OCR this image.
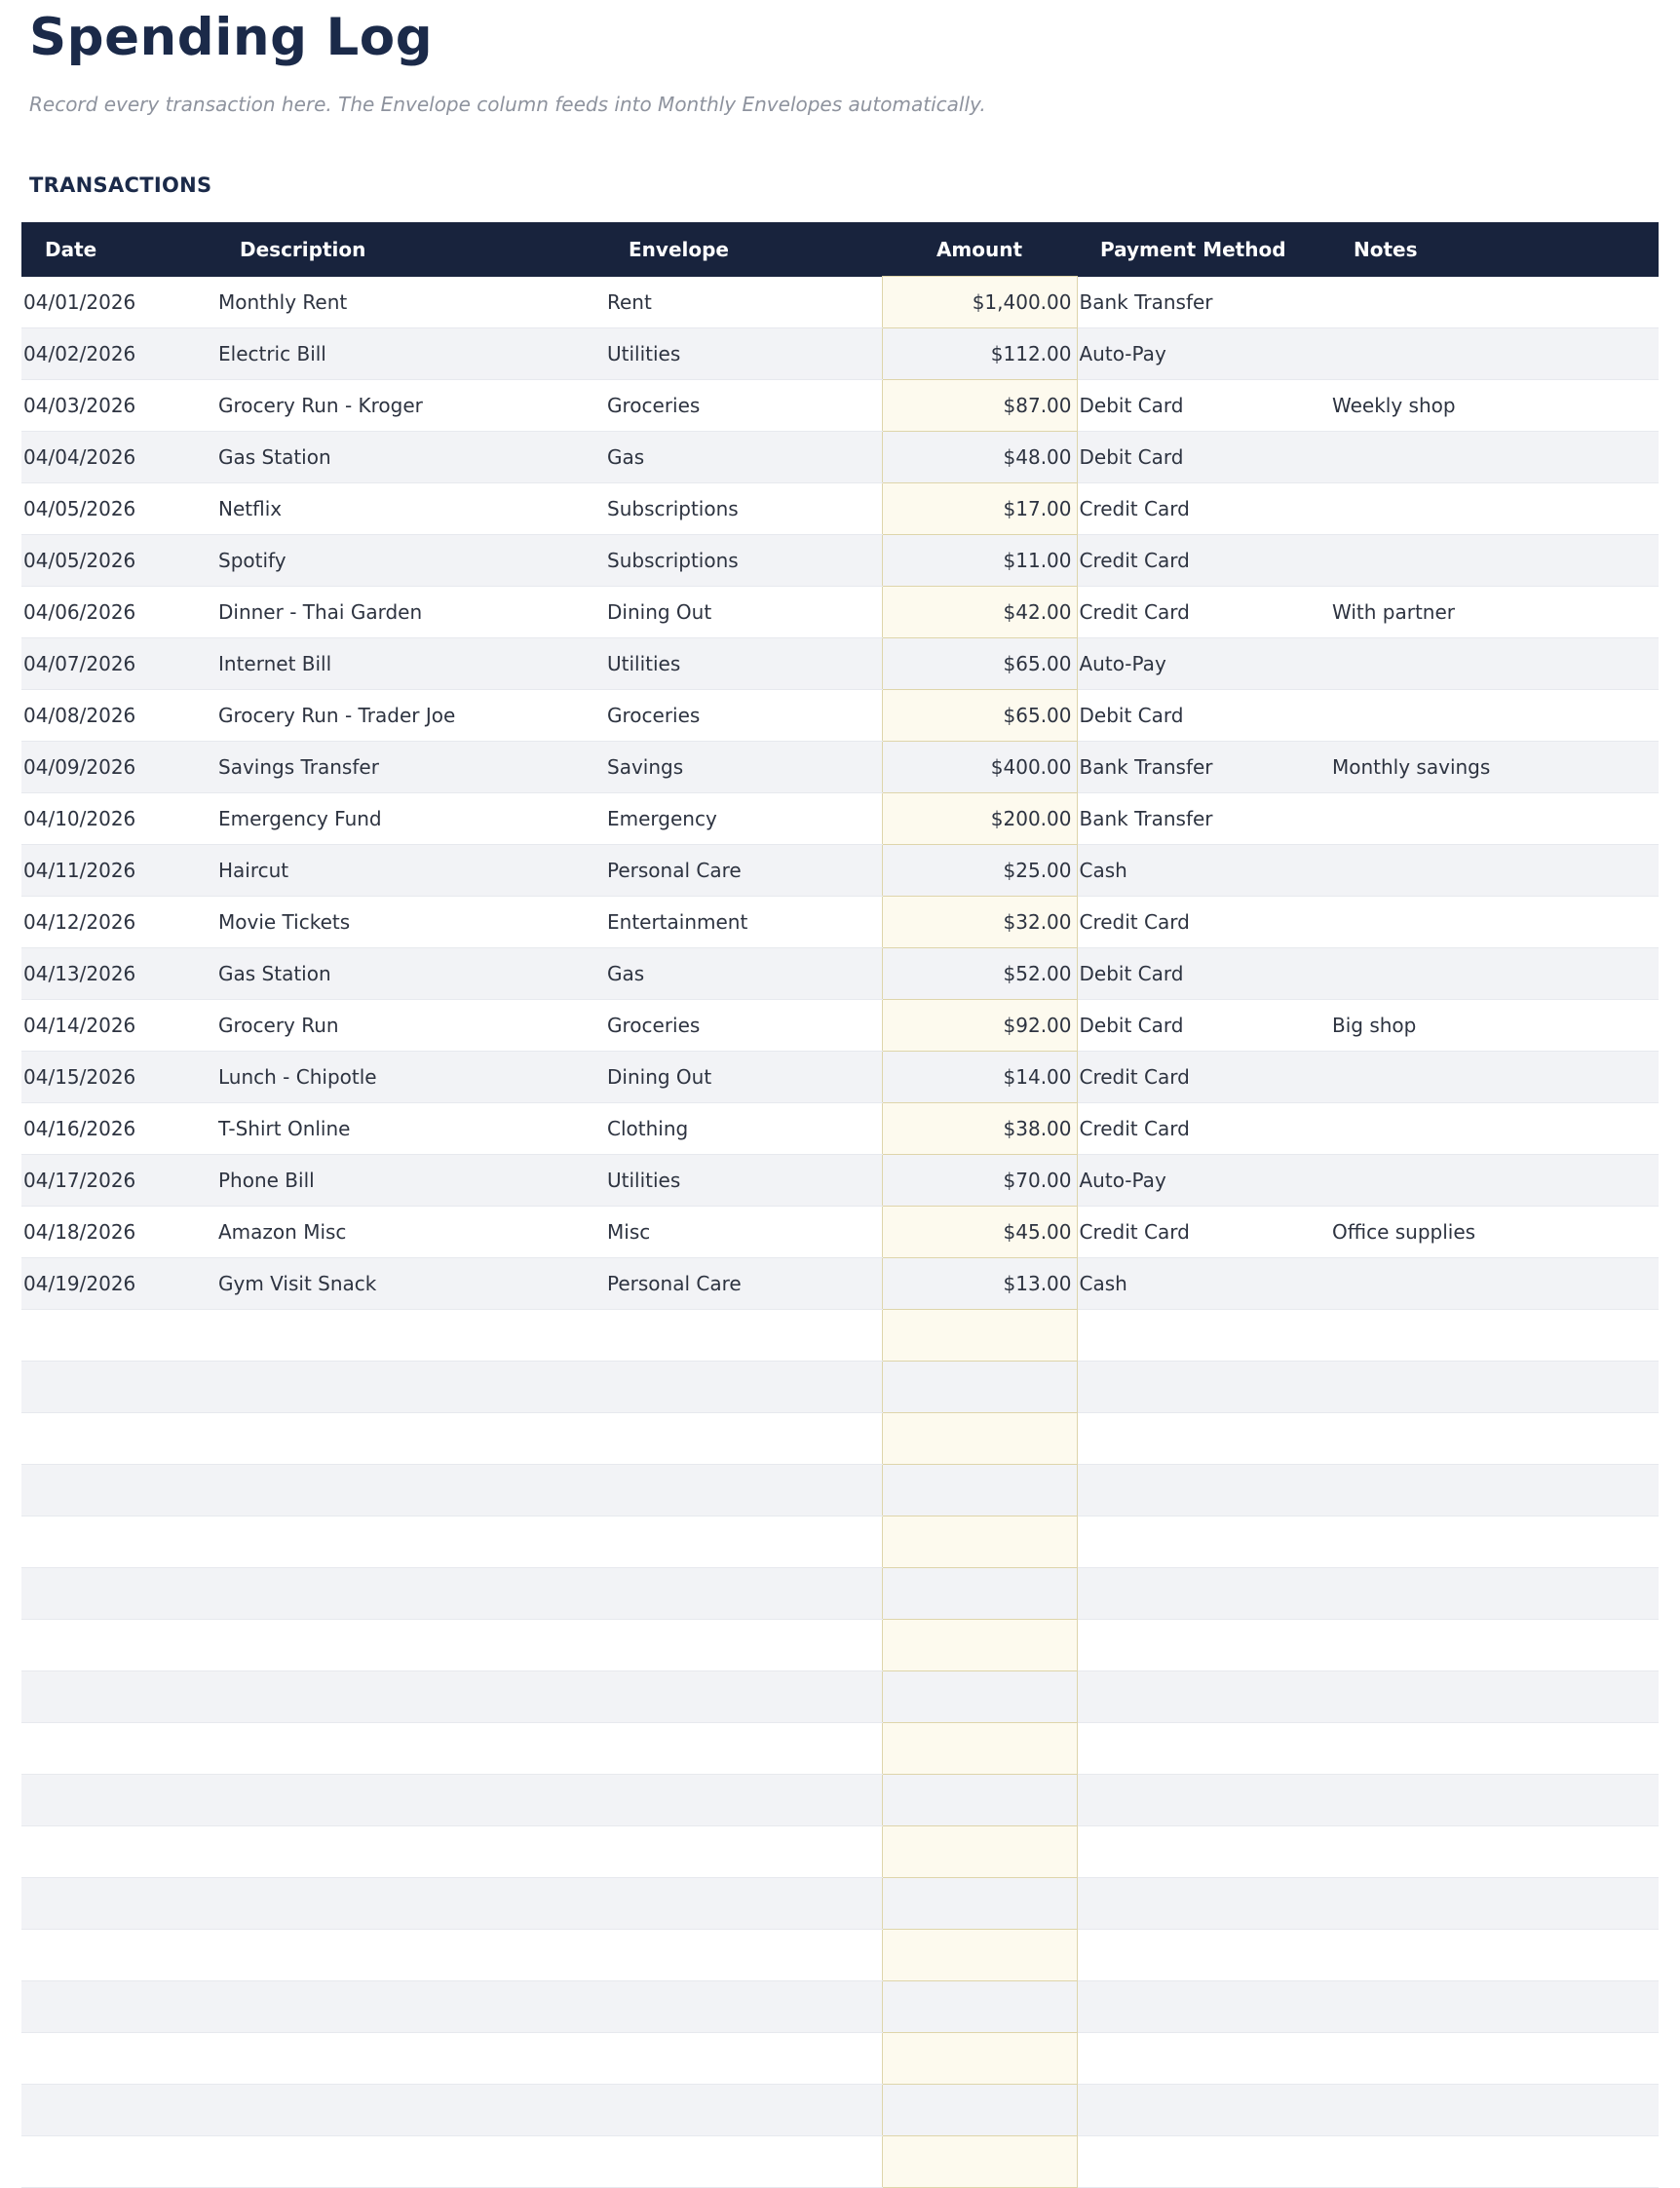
Spending Log

Record every transaction here. The Envelope column feeds into Monthly Envelopes automatically.

TRANSACTIONS
Date	Description	Envelope	Amount	Payment Method	Notes
04/01/2026	Monthly Rent	Rent	$1,400.00	Bank Transfer	
04/02/2026	Electric Bill	Utilities	$112.00	Auto-Pay	
04/03/2026	Grocery Run - Kroger	Groceries	$87.00	Debit Card	Weekly shop
04/04/2026	Gas Station	Gas	$48.00	Debit Card	
04/05/2026	Netflix	Subscriptions	$17.00	Credit Card	
04/05/2026	Spotify	Subscriptions	$11.00	Credit Card	
04/06/2026	Dinner - Thai Garden	Dining Out	$42.00	Credit Card	With partner
04/07/2026	Internet Bill	Utilities	$65.00	Auto-Pay	
04/08/2026	Grocery Run - Trader Joe	Groceries	$65.00	Debit Card	
04/09/2026	Savings Transfer	Savings	$400.00	Bank Transfer	Monthly savings
04/10/2026	Emergency Fund	Emergency	$200.00	Bank Transfer	
04/11/2026	Haircut	Personal Care	$25.00	Cash	
04/12/2026	Movie Tickets	Entertainment	$32.00	Credit Card	
04/13/2026	Gas Station	Gas	$52.00	Debit Card	
04/14/2026	Grocery Run	Groceries	$92.00	Debit Card	Big shop
04/15/2026	Lunch - Chipotle	Dining Out	$14.00	Credit Card	
04/16/2026	T-Shirt Online	Clothing	$38.00	Credit Card	
04/17/2026	Phone Bill	Utilities	$70.00	Auto-Pay	
04/18/2026	Amazon Misc	Misc	$45.00	Credit Card	Office supplies
04/19/2026	Gym Visit Snack	Personal Care	$13.00	Cash	
